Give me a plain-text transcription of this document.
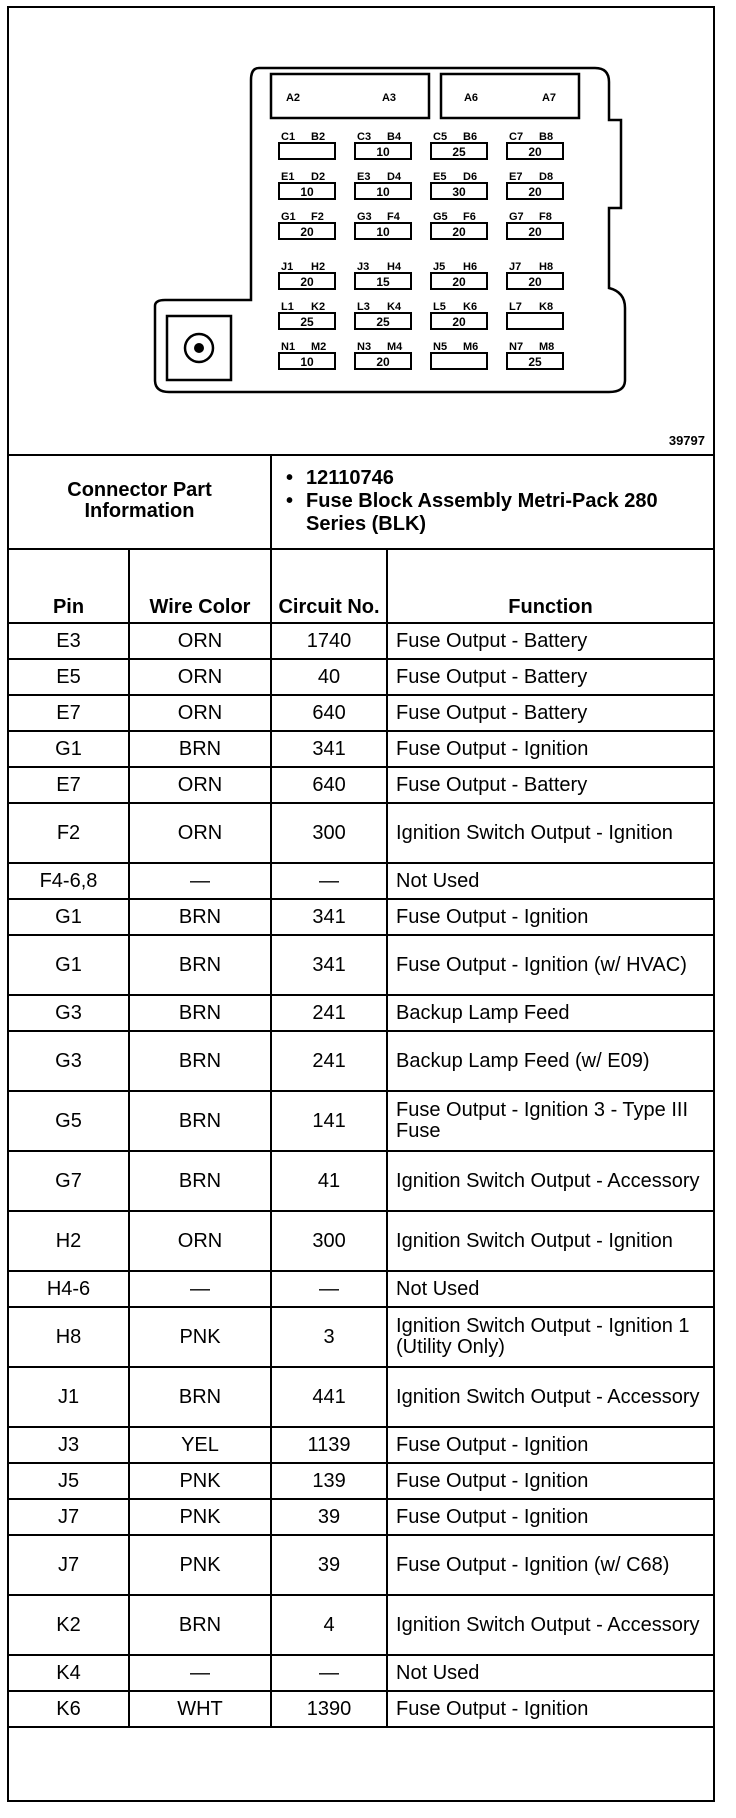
A2	A3	A6	A7
C1 B2	C3 B4
10
C5 B6
25
C7 B8
20
E1 D2
10
E3 D4
10
E5 D6
30
E7 D8
20
G1 F2
20
G3 F4
10
G5 F6
20
G7 F8
20
J1 H2
20
J3 H4
15
J5 H6
20
J7 H8
20
L1 K2
25
L3 K4
25
L5 K6
20
L7 K8
N1 M2
10
N3 M4
20
N5 M6	N7 M8
25
39797
Connector Part Information		• 12110746
• Fuse Block Assembly Metri-Pack 280 Series (BLK)

Pin	Wire Color	Circuit No.	Function
E3	ORN	1740	Fuse Output - Battery
E5	ORN	40	Fuse Output - Battery
E7	ORN	640	Fuse Output - Battery
G1	BRN	341	Fuse Output - Ignition
E7	ORN	640	Fuse Output - Battery
F2	ORN	300	Ignition Switch Output - Ignition
F4-6,8	—	—	Not Used
G1	BRN	341	Fuse Output - Ignition
G1	BRN	341	Fuse Output - Ignition (w/ HVAC)
G3	BRN	241	Backup Lamp Feed
G3	BRN	241	Backup Lamp Feed (w/ E09)
G5	BRN	141	Fuse Output - Ignition 3 - Type III Fuse
G7	BRN	41	Ignition Switch Output - Accessory
H2	ORN	300	Ignition Switch Output - Ignition
H4-6	—	—	Not Used
H8	PNK	3	Ignition Switch Output - Ignition 1 (Utility Only)
J1	BRN	441	Ignition Switch Output - Accessory
J3	YEL	1139	Fuse Output - Ignition
J5	PNK	139	Fuse Output - Ignition
J7	PNK	39	Fuse Output - Ignition
J7	PNK	39	Fuse Output - Ignition (w/ C68)
K2	BRN	4	Ignition Switch Output - Accessory
K4	—	—	Not Used
K6	WHT	1390	Fuse Output - Ignition
